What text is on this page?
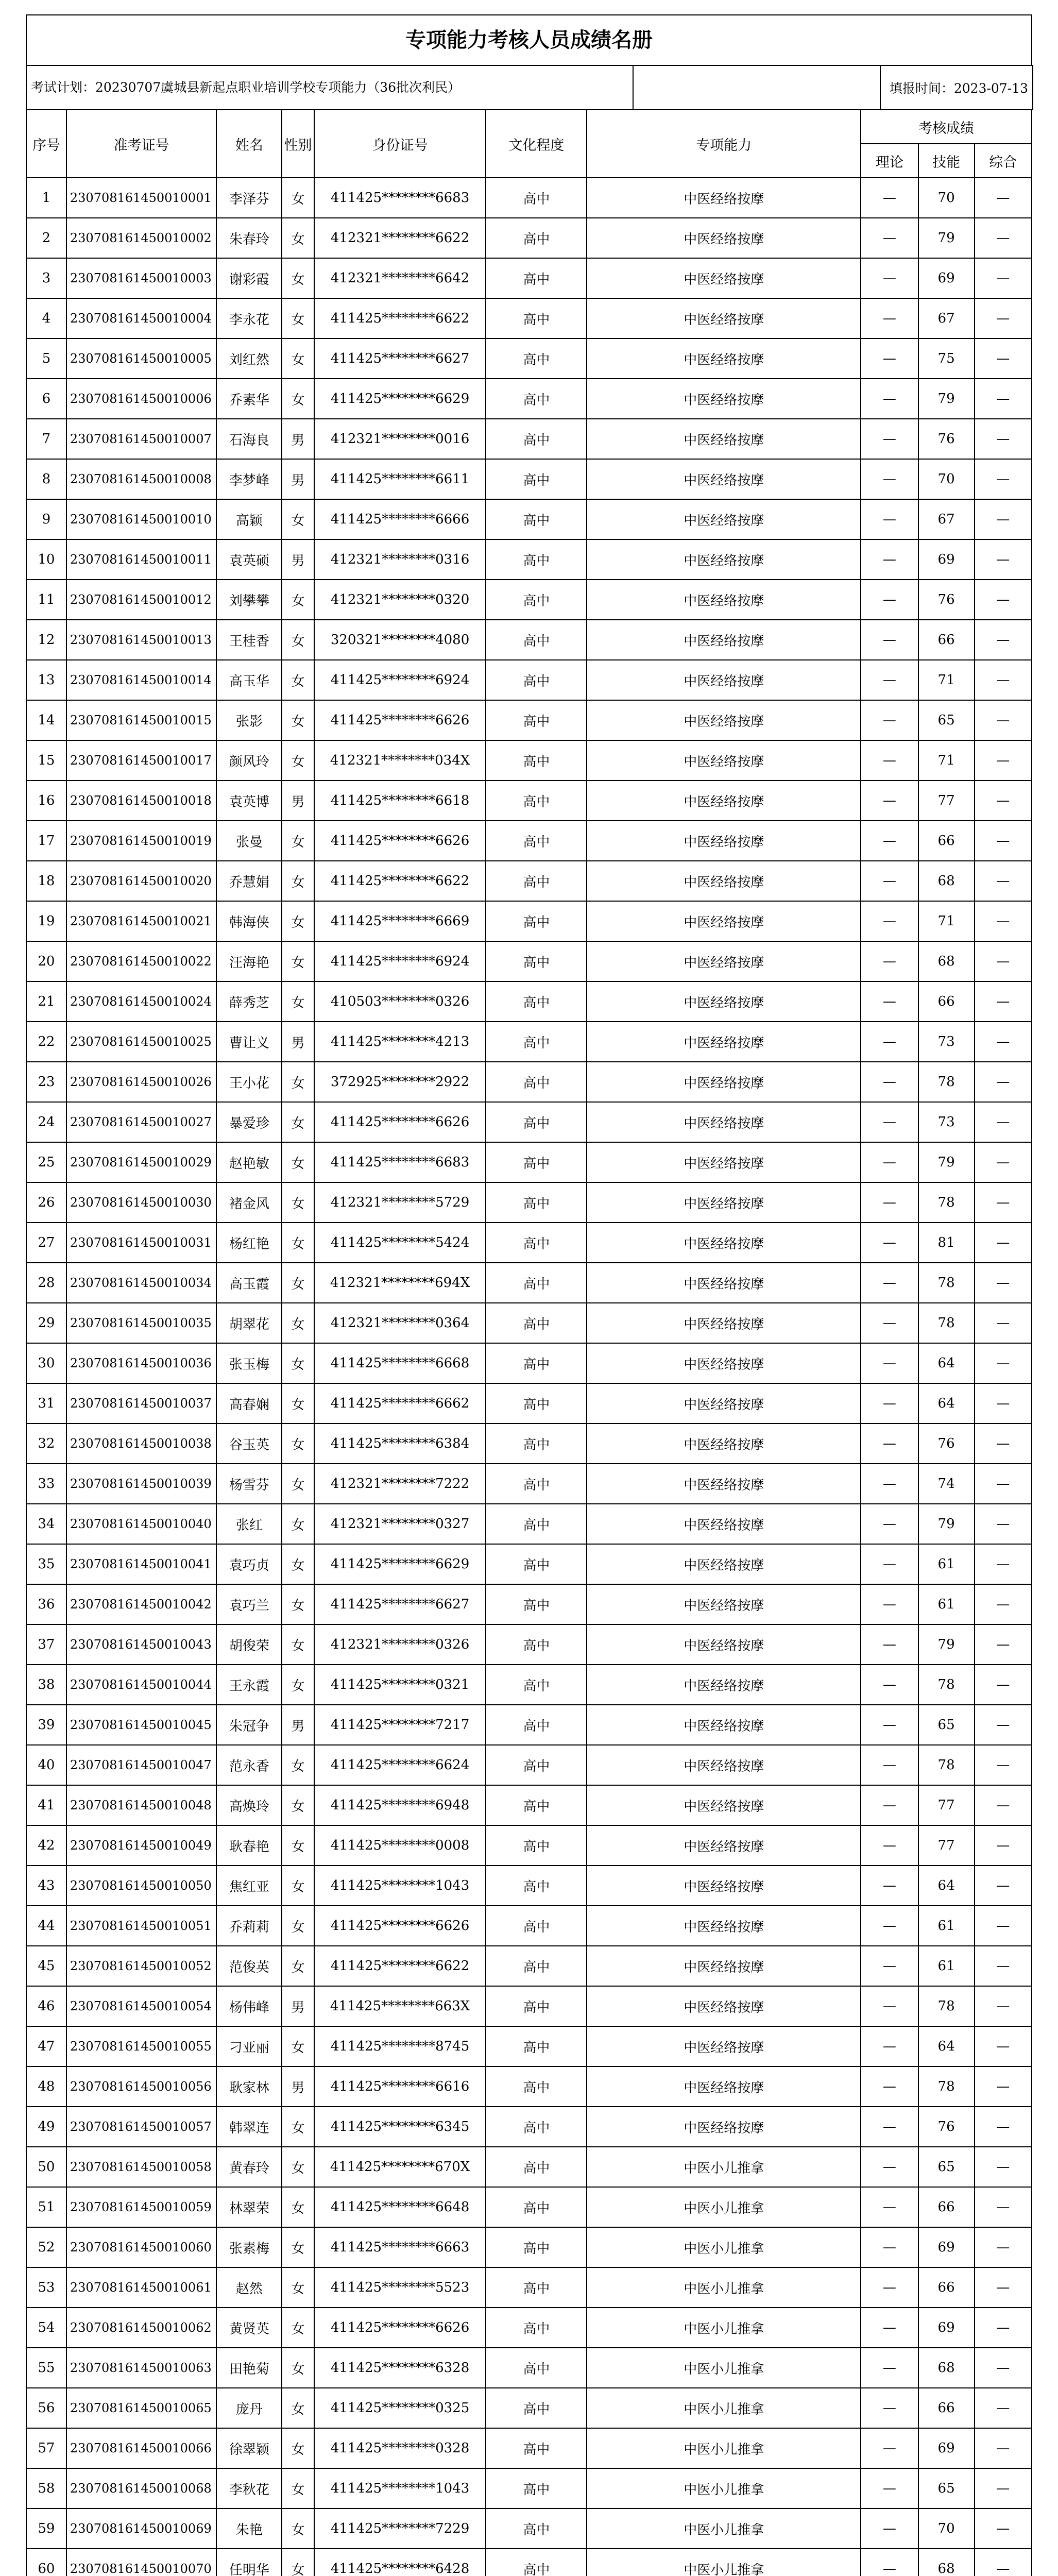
专项能力考核人员成绩名册
考试计划：20230707虞城县新起点职业培训学校专项能力（36批次利民）		填报时间：2023-07-13
序号	准考证号	姓名	性别	身份证号	文化程度	专项能力	考核成绩		
							理论	技能	综合
1	230708161450010001	李泽芬	女	411425********6683	高中	中医经络按摩	—	70	—
2	230708161450010002	朱春玲	女	412321********6622	高中	中医经络按摩	—	79	—
3	230708161450010003	谢彩霞	女	412321********6642	高中	中医经络按摩	—	69	—
4	230708161450010004	李永花	女	411425********6622	高中	中医经络按摩	—	67	—
5	230708161450010005	刘红然	女	411425********6627	高中	中医经络按摩	—	75	—
6	230708161450010006	乔素华	女	411425********6629	高中	中医经络按摩	—	79	—
7	230708161450010007	石海良	男	412321********0016	高中	中医经络按摩	—	76	—
8	230708161450010008	李梦峰	男	411425********6611	高中	中医经络按摩	—	70	—
9	230708161450010010	高颖	女	411425********6666	高中	中医经络按摩	—	67	—
10	230708161450010011	袁英硕	男	412321********0316	高中	中医经络按摩	—	69	—
11	230708161450010012	刘攀攀	女	412321********0320	高中	中医经络按摩	—	76	—
12	230708161450010013	王桂香	女	320321********4080	高中	中医经络按摩	—	66	—
13	230708161450010014	高玉华	女	411425********6924	高中	中医经络按摩	—	71	—
14	230708161450010015	张影	女	411425********6626	高中	中医经络按摩	—	65	—
15	230708161450010017	颜风玲	女	412321********034X	高中	中医经络按摩	—	71	—
16	230708161450010018	袁英博	男	411425********6618	高中	中医经络按摩	—	77	—
17	230708161450010019	张曼	女	411425********6626	高中	中医经络按摩	—	66	—
18	230708161450010020	乔慧娟	女	411425********6622	高中	中医经络按摩	—	68	—
19	230708161450010021	韩海侠	女	411425********6669	高中	中医经络按摩	—	71	—
20	230708161450010022	汪海艳	女	411425********6924	高中	中医经络按摩	—	68	—
21	230708161450010024	薛秀芝	女	410503********0326	高中	中医经络按摩	—	66	—
22	230708161450010025	曹让义	男	411425********4213	高中	中医经络按摩	—	73	—
23	230708161450010026	王小花	女	372925********2922	高中	中医经络按摩	—	78	—
24	230708161450010027	暴爱珍	女	411425********6626	高中	中医经络按摩	—	73	—
25	230708161450010029	赵艳敏	女	411425********6683	高中	中医经络按摩	—	79	—
26	230708161450010030	褚金风	女	412321********5729	高中	中医经络按摩	—	78	—
27	230708161450010031	杨红艳	女	411425********5424	高中	中医经络按摩	—	81	—
28	230708161450010034	高玉霞	女	412321********694X	高中	中医经络按摩	—	78	—
29	230708161450010035	胡翠花	女	412321********0364	高中	中医经络按摩	—	78	—
30	230708161450010036	张玉梅	女	411425********6668	高中	中医经络按摩	—	64	—
31	230708161450010037	高春娴	女	411425********6662	高中	中医经络按摩	—	64	—
32	230708161450010038	谷玉英	女	411425********6384	高中	中医经络按摩	—	76	—
33	230708161450010039	杨雪芬	女	412321********7222	高中	中医经络按摩	—	74	—
34	230708161450010040	张红	女	412321********0327	高中	中医经络按摩	—	79	—
35	230708161450010041	袁巧贞	女	411425********6629	高中	中医经络按摩	—	61	—
36	230708161450010042	袁巧兰	女	411425********6627	高中	中医经络按摩	—	61	—
37	230708161450010043	胡俊荣	女	412321********0326	高中	中医经络按摩	—	79	—
38	230708161450010044	王永霞	女	411425********0321	高中	中医经络按摩	—	78	—
39	230708161450010045	朱冠争	男	411425********7217	高中	中医经络按摩	—	65	—
40	230708161450010047	范永香	女	411425********6624	高中	中医经络按摩	—	78	—
41	230708161450010048	高焕玲	女	411425********6948	高中	中医经络按摩	—	77	—
42	230708161450010049	耿春艳	女	411425********0008	高中	中医经络按摩	—	77	—
43	230708161450010050	焦红亚	女	411425********1043	高中	中医经络按摩	—	64	—
44	230708161450010051	乔莉莉	女	411425********6626	高中	中医经络按摩	—	61	—
45	230708161450010052	范俊英	女	411425********6622	高中	中医经络按摩	—	61	—
46	230708161450010054	杨伟峰	男	411425********663X	高中	中医经络按摩	—	78	—
47	230708161450010055	刁亚丽	女	411425********8745	高中	中医经络按摩	—	64	—
48	230708161450010056	耿家林	男	411425********6616	高中	中医经络按摩	—	78	—
49	230708161450010057	韩翠连	女	411425********6345	高中	中医经络按摩	—	76	—
50	230708161450010058	黄春玲	女	411425********670X	高中	中医小儿推拿	—	65	—
51	230708161450010059	林翠荣	女	411425********6648	高中	中医小儿推拿	—	66	—
52	230708161450010060	张素梅	女	411425********6663	高中	中医小儿推拿	—	69	—
53	230708161450010061	赵然	女	411425********5523	高中	中医小儿推拿	—	66	—
54	230708161450010062	黄贤英	女	411425********6626	高中	中医小儿推拿	—	69	—
55	230708161450010063	田艳菊	女	411425********6328	高中	中医小儿推拿	—	68	—
56	230708161450010065	庞丹	女	411425********0325	高中	中医小儿推拿	—	66	—
57	230708161450010066	徐翠颖	女	411425********0328	高中	中医小儿推拿	—	69	—
58	230708161450010068	李秋花	女	411425********1043	高中	中医小儿推拿	—	65	—
59	230708161450010069	朱艳	女	411425********7229	高中	中医小儿推拿	—	70	—
60	230708161450010070	任明华	女	411425********6428	高中	中医小儿推拿	—	68	—
